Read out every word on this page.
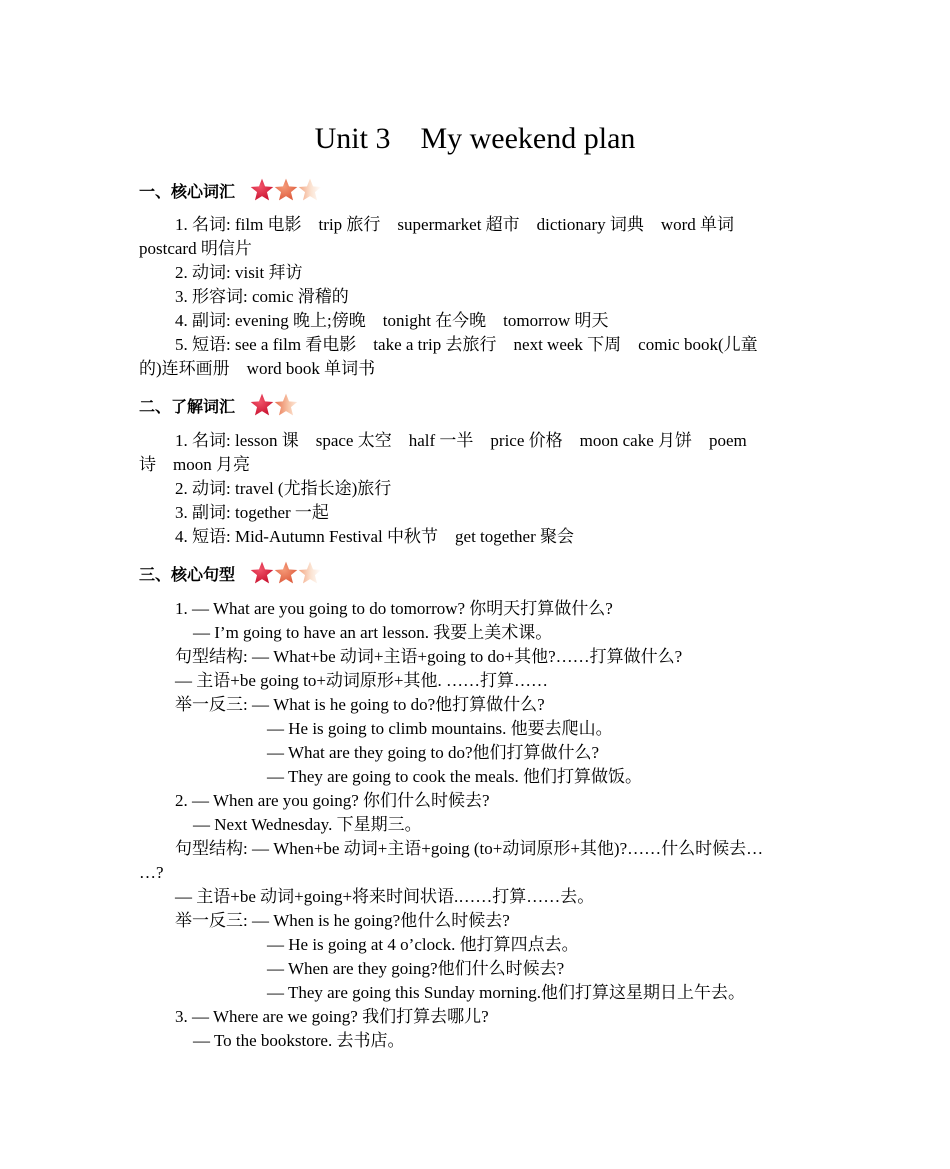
Unit 3    My weekend plan
一、核心词汇
1. 名词: film 电影    trip 旅行    supermarket 超市    dictionary 词典    word 单词
postcard 明信片
2. 动词: visit 拜访
3. 形容词: comic 滑稽的
4. 副词: evening 晚上;傍晚    tonight 在今晚    tomorrow 明天
5. 短语: see a film 看电影    take a trip 去旅行    next week 下周    comic book(儿童
的)连环画册    word book 单词书
二、了解词汇
1. 名词: lesson 课    space 太空    half 一半    price 价格    moon cake 月饼    poem
诗    moon 月亮
2. 动词: travel (尤指长途)旅行
3. 副词: together 一起
4. 短语: Mid-Autumn Festival 中秋节    get together 聚会
三、核心句型
1. — What are you going to do tomorrow? 你明天打算做什么?
— I’m going to have an art lesson. 我要上美术课。
句型结构: — What+be 动词+主语+going to do+其他?……打算做什么?
— 主语+be going to+动词原形+其他. ……打算……
举一反三: — What is he going to do?他打算做什么?
— He is going to climb mountains. 他要去爬山。
— What are they going to do?他们打算做什么?
— They are going to cook the meals. 他们打算做饭。
2. — When are you going? 你们什么时候去?
— Next Wednesday. 下星期三。
句型结构: — When+be 动词+主语+going (to+动词原形+其他)?……什么时候去…
…?
— 主语+be 动词+going+将来时间状语.……打算……去。
举一反三: — When is he going?他什么时候去?
— He is going at 4 o’clock. 他打算四点去。
— When are they going?他们什么时候去?
— They are going this Sunday morning.他们打算这星期日上午去。
3. — Where are we going? 我们打算去哪儿?
— To the bookstore. 去书店。
